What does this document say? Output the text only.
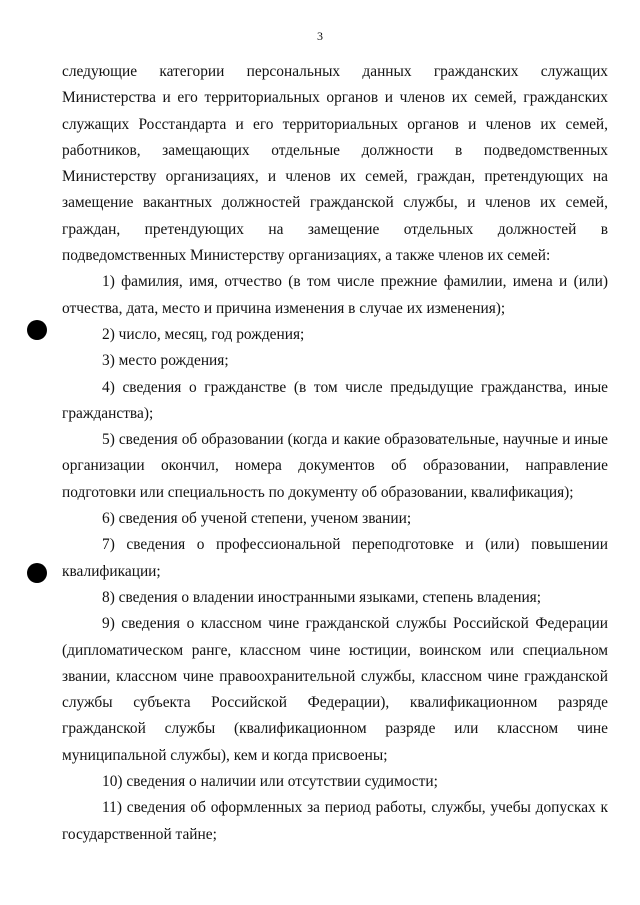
3

следующие категории персональных данных гражданских служащих Министерства и его территориальных органов и членов их семей, гражданских служащих Росстандарта и его территориальных органов и членов их семей, работников, замещающих отдельные должности в подведомственных Министерству организациях, и членов их семей, граждан, претендующих на замещение вакантных должностей гражданской службы, и членов их семей, граждан, претендующих на замещение отдельных должностей в подведомственных Министерству организациях, а также членов их семей:

1) фамилия, имя, отчество (в том числе прежние фамилии, имена и (или) отчества, дата, место и причина изменения в случае их изменения);

2) число, месяц, год рождения;

3) место рождения;

4) сведения о гражданстве (в том числе предыдущие гражданства, иные гражданства);

5) сведения об образовании (когда и какие образовательные, научные и иные организации окончил, номера документов об образовании, направление подготовки или специальность по документу об образовании, квалификация);

6) сведения об ученой степени, ученом звании;

7) сведения о профессиональной переподготовке и (или) повышении квалификации;

8) сведения о владении иностранными языками, степень владения;

9) сведения о классном чине гражданской службы Российской Федерации (дипломатическом ранге, классном чине юстиции, воинском или специальном звании, классном чине правоохранительной службы, классном чине гражданской службы субъекта Российской Федерации), квалификационном разряде гражданской службы (квалификационном разряде или классном чине муниципальной службы), кем и когда присвоены;

10) сведения о наличии или отсутствии судимости;

11) сведения об оформленных за период работы, службы, учебы допусках к государственной тайне;
